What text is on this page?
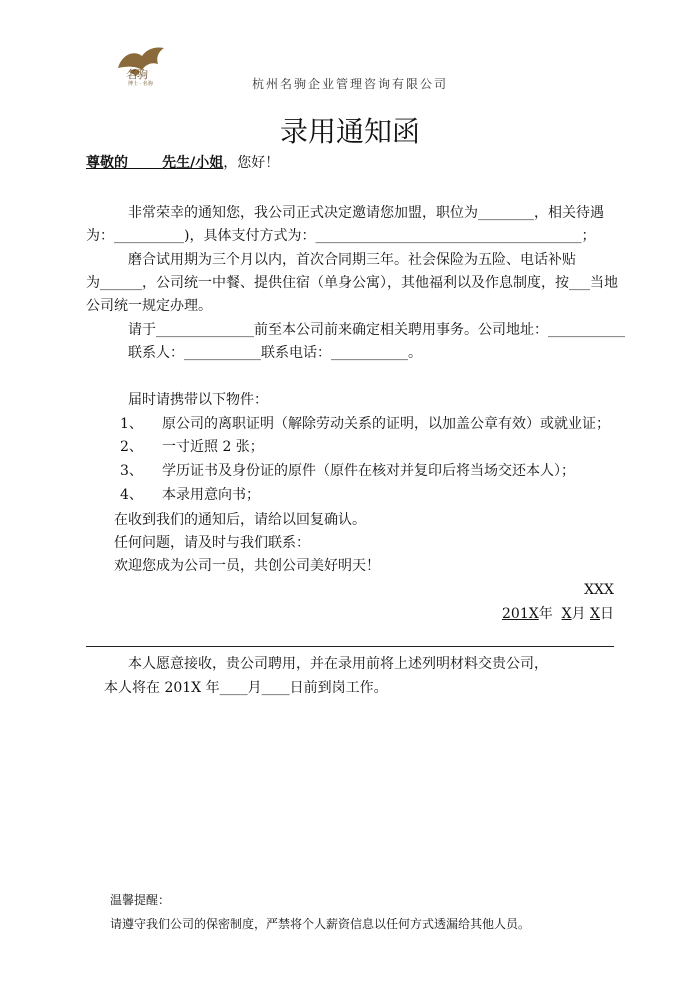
名驹
博士 · 名驹	杭州名驹企业管理咨询有限公司
录用通知函
尊敬的 先生/小姐，您好！
非常荣幸的通知您，我公司正式决定邀请您加盟，职位为________，相关待遇
为：__________)，具体支付方式为：______________________________________；
磨合试用期为三个月以内，首次合同期三年。社会保险为五险、电话补贴
为______，公司统一中餐、提供住宿（单身公寓），其他福利以及作息制度，按___当地
公司统一规定办理。
请于______________前至本公司前来确定相关聘用事务。公司地址：___________
联系人：___________联系电话：___________。
届时请携带以下物件：
1、 原公司的离职证明（解除劳动关系的证明，以加盖公章有效）或就业证；
2、 一寸近照 2 张；
3、 学历证书及身份证的原件（原件在核对并复印后将当场交还本人）；
4、 本录用意向书；
在收到我们的通知后，请给以回复确认。
任何问题，请及时与我们联系：
欢迎您成为公司一员，共创公司美好明天！
XXX
201X年 X月 X日
本人愿意接收，贵公司聘用，并在录用前将上述列明材料交贵公司，
本人将在 201X 年____月____日前到岗工作。
温馨提醒：
请遵守我们公司的保密制度，严禁将个人薪资信息以任何方式透漏给其他人员。
